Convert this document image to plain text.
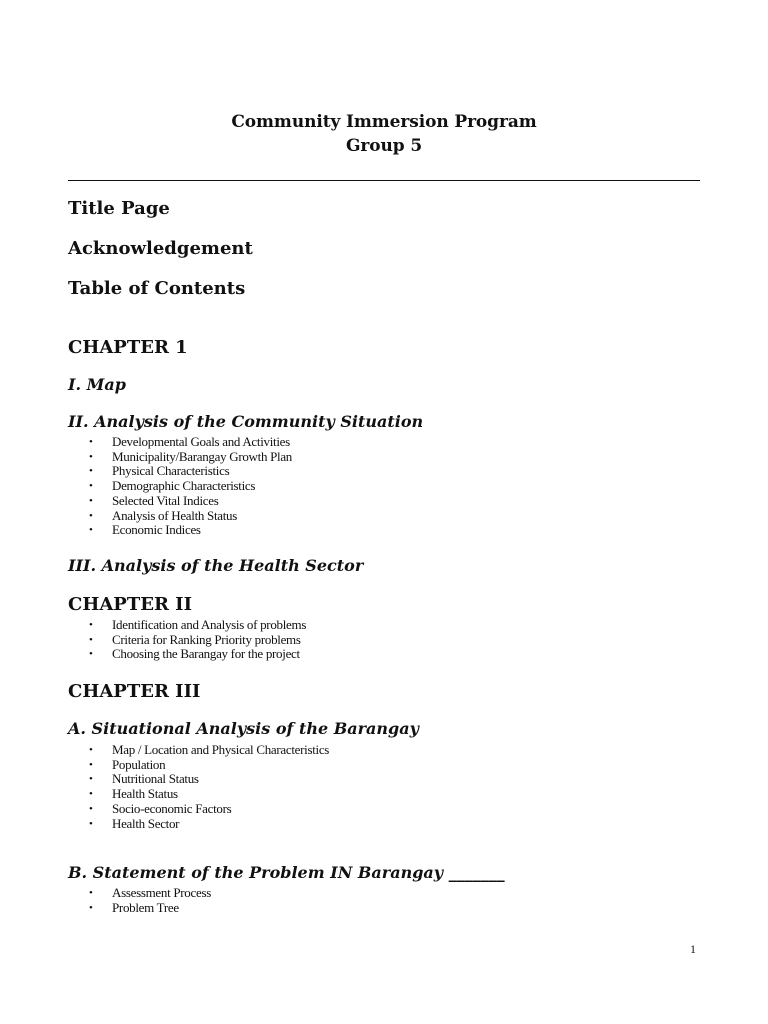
Community Immersion Program
Group 5
Title Page
Acknowledgement
Table of Contents
CHAPTER 1
I. Map
II. Analysis of the Community Situation
• Developmental Goals and Activities
• Municipality/Barangay Growth Plan
• Physical Characteristics
• Demographic Characteristics
• Selected Vital Indices
• Analysis of Health Status
• Economic Indices
III. Analysis of the Health Sector
CHAPTER II
• Identification and Analysis of problems
• Criteria for Ranking Priority problems
• Choosing the Barangay for the project
CHAPTER III
A. Situational Analysis of the Barangay
• Map / Location and Physical Characteristics
• Population
• Nutritional Status
• Health Status
• Socio-economic Factors
• Health Sector
B. Statement of the Problem IN Barangay _______
• Assessment Process
• Problem Tree
1
